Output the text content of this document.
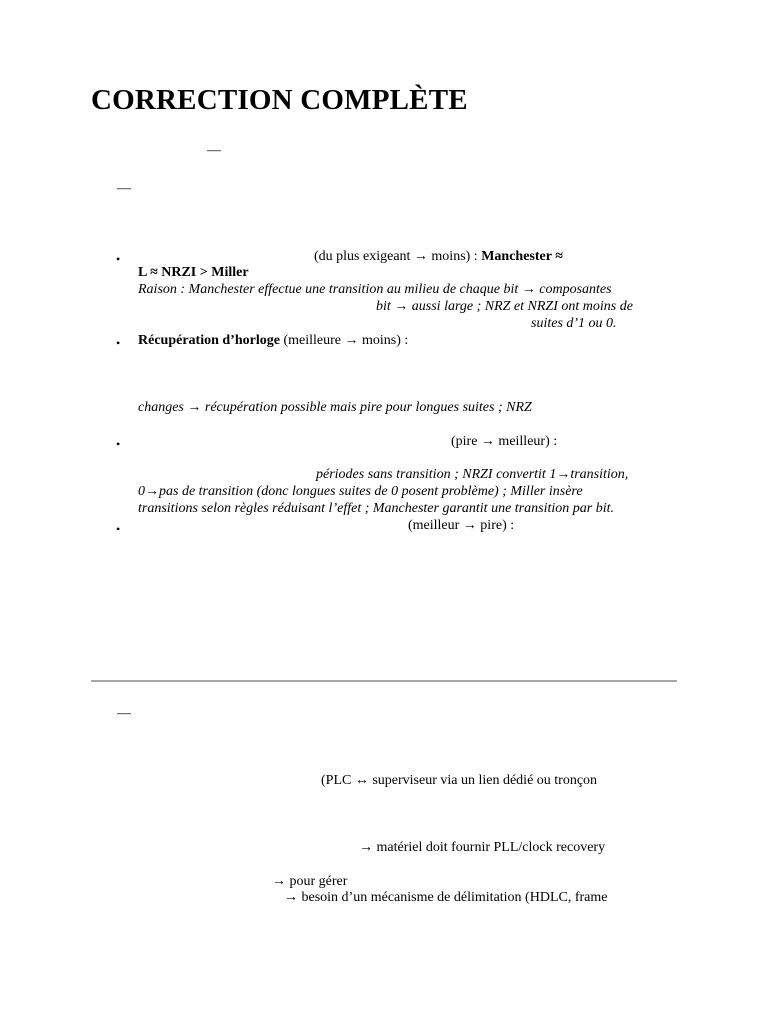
CORRECTION COMPLÈTE
—
—
•	(du plus exigeant → moins) : Manchester ≈
L ≈ NRZI > Miller
Raison : Manchester effectue une transition au milieu de chaque bit → composantes
bit → aussi large ; NRZ et NRZI ont moins de
suites d’1 ou 0.
• Récupération d’horloge (meilleure → moins) :
changes → récupération possible mais pire pour longues suites ; NRZ
•	(pire → meilleur) :
périodes sans transition ; NRZI convertit 1→transition,
0→pas de transition (donc longues suites de 0 posent problème) ; Miller insère
transitions selon règles réduisant l’effet ; Manchester garantit une transition par bit.
•	(meilleur → pire) :
—
(PLC ↔ superviseur via un lien dédié ou tronçon
→ matériel doit fournir PLL/clock recovery
→ pour gérer
→ besoin d’un mécanisme de délimitation (HDLC, frame
